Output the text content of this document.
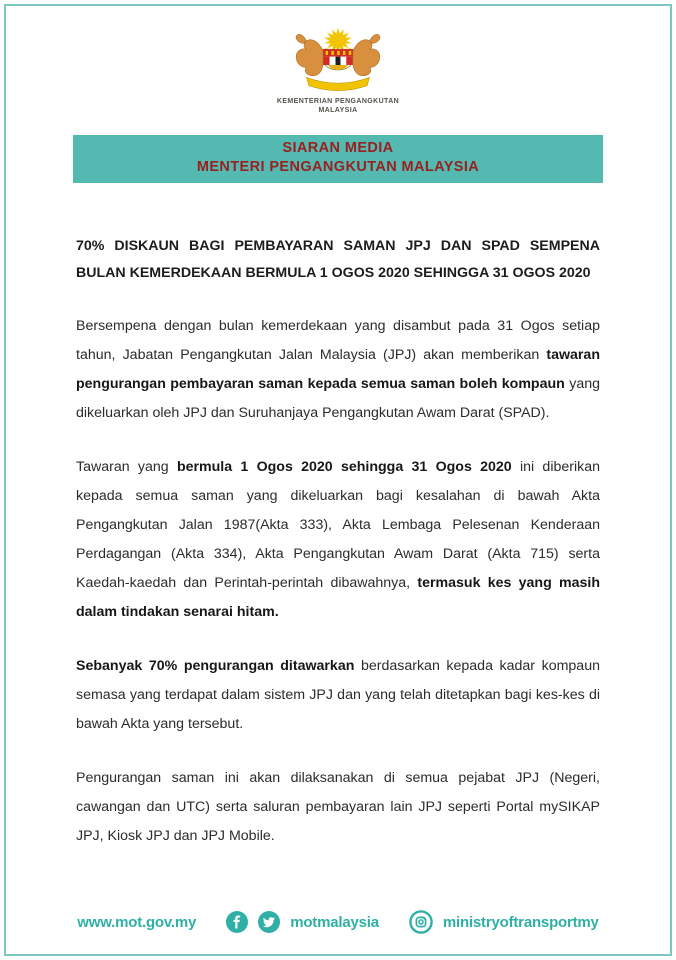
KEMENTERIAN PENGANGKUTAN
MALAYSIA
SIARAN MEDIA
MENTERI PENGANGKUTAN MALAYSIA
70% DISKAUN BAGI PEMBAYARAN SAMAN JPJ DAN SPAD SEMPENA BULAN KEMERDEKAAN BERMULA 1 OGOS 2020 SEHINGGA 31 OGOS 2020

Bersempena dengan bulan kemerdekaan yang disambut pada 31 Ogos setiap tahun, Jabatan Pengangkutan Jalan Malaysia (JPJ) akan memberikan tawaran pengurangan pembayaran saman kepada semua saman boleh kompaun yang dikeluarkan oleh JPJ dan Suruhanjaya Pengangkutan Awam Darat (SPAD).

Tawaran yang bermula 1 Ogos 2020 sehingga 31 Ogos 2020 ini diberikan kepada semua saman yang dikeluarkan bagi kesalahan di bawah Akta Pengangkutan Jalan 1987(Akta 333), Akta Lembaga Pelesenan Kenderaan Perdagangan (Akta 334), Akta Pengangkutan Awam Darat (Akta 715) serta Kaedah-kaedah dan Perintah-perintah dibawahnya, termasuk kes yang masih dalam tindakan senarai hitam.

Sebanyak 70% pengurangan ditawarkan berdasarkan kepada kadar kompaun semasa yang terdapat dalam sistem JPJ dan yang telah ditetapkan bagi kes-kes di bawah Akta yang tersebut.

Pengurangan saman ini akan dilaksanakan di semua pejabat JPJ (Negeri, cawangan dan UTC) serta saluran pembayaran lain JPJ seperti Portal mySIKAP JPJ, Kiosk JPJ dan JPJ Mobile.

www.mot.gov.my	motmalaysia	ministryoftransportmy
